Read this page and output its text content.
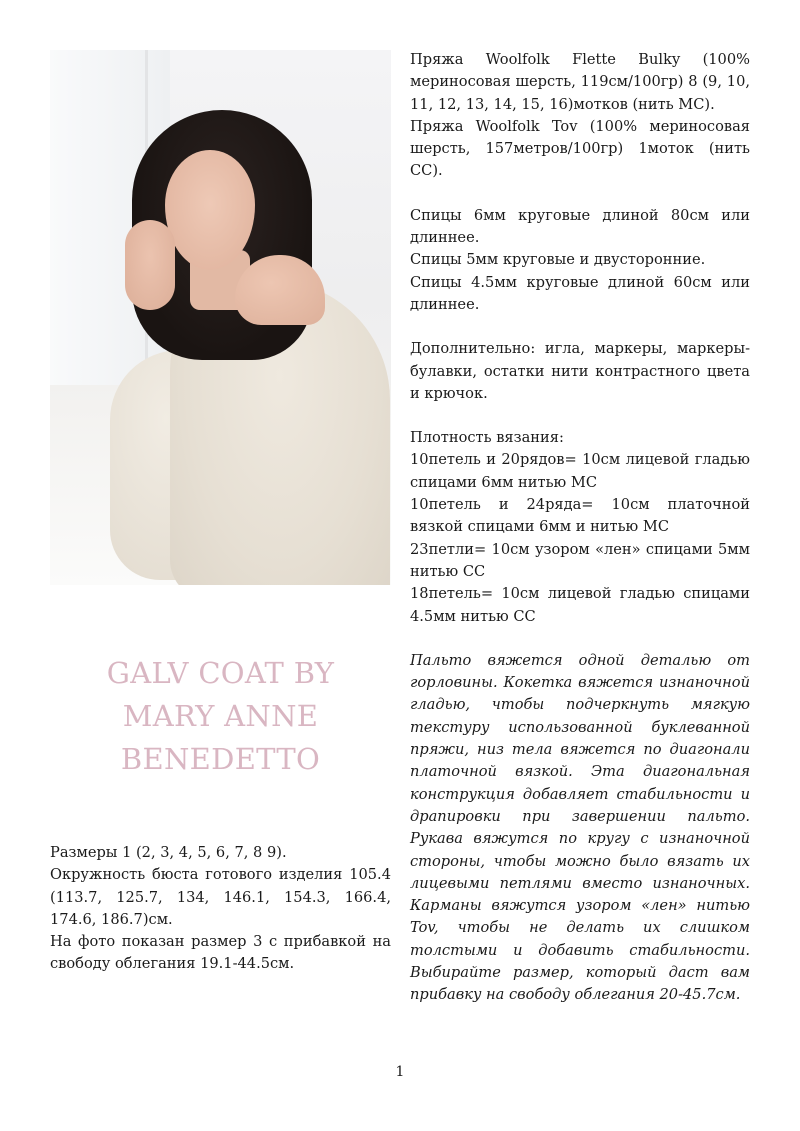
Пряжа Woolfolk Flette Bulky (100% мериносовая шерсть, 119см/100гр) 8 (9, 10, 11, 12, 13, 14, 15, 16)мотков (нить МС).

Пряжа Woolfolk Tov (100% мериносовая шерсть, 157метров/100гр) 1моток (нить СС).

Спицы 6мм круговые длиной 80см или длиннее.

Спицы 5мм круговые и двусторонние.

Спицы 4.5мм круговые длиной 60см или длиннее.

Дополнительно: игла, маркеры, маркеры-булавки, остатки нити контрастного цвета и крючок.

Плотность вязания:

10петель и 20рядов= 10см лицевой гладью спицами 6мм нитью МС

10петель и 24ряда= 10см платочной вязкой спицами 6мм и нитью МС

23петли= 10см узором «лен» спицами 5мм нитью СС

18петель= 10см лицевой гладью спицами 4.5мм нитью СС

Пальто вяжется одной деталью от горловины. Кокетка вяжется изнаночной гладью, чтобы подчеркнуть мягкую текстуру использованной буклеванной пряжи, низ тела вяжется по диагонали платочной вязкой. Эта диагональная конструкция добавляет стабильности и драпировки при завершении пальто. Рукава вяжутся по кругу с изнаночной стороны, чтобы можно было вязать их лицевыми петлями вместо изнаночных. Карманы вяжутся узором «лен» нитью Tov, чтобы не делать их слишком толстыми и добавить стабильности. Выбирайте размер, который даст вам прибавку на свободу облегания 20-45.7см.

GALV COAT BY
MARY ANNE
BENEDETTO

Размеры 1 (2, 3, 4, 5, 6, 7, 8 9).

Окружность бюста готового изделия 105.4 (113.7, 125.7, 134, 146.1, 154.3, 166.4, 174.6, 186.7)см.

На фото показан размер 3 с прибавкой на свободу облегания 19.1-44.5см.

1
